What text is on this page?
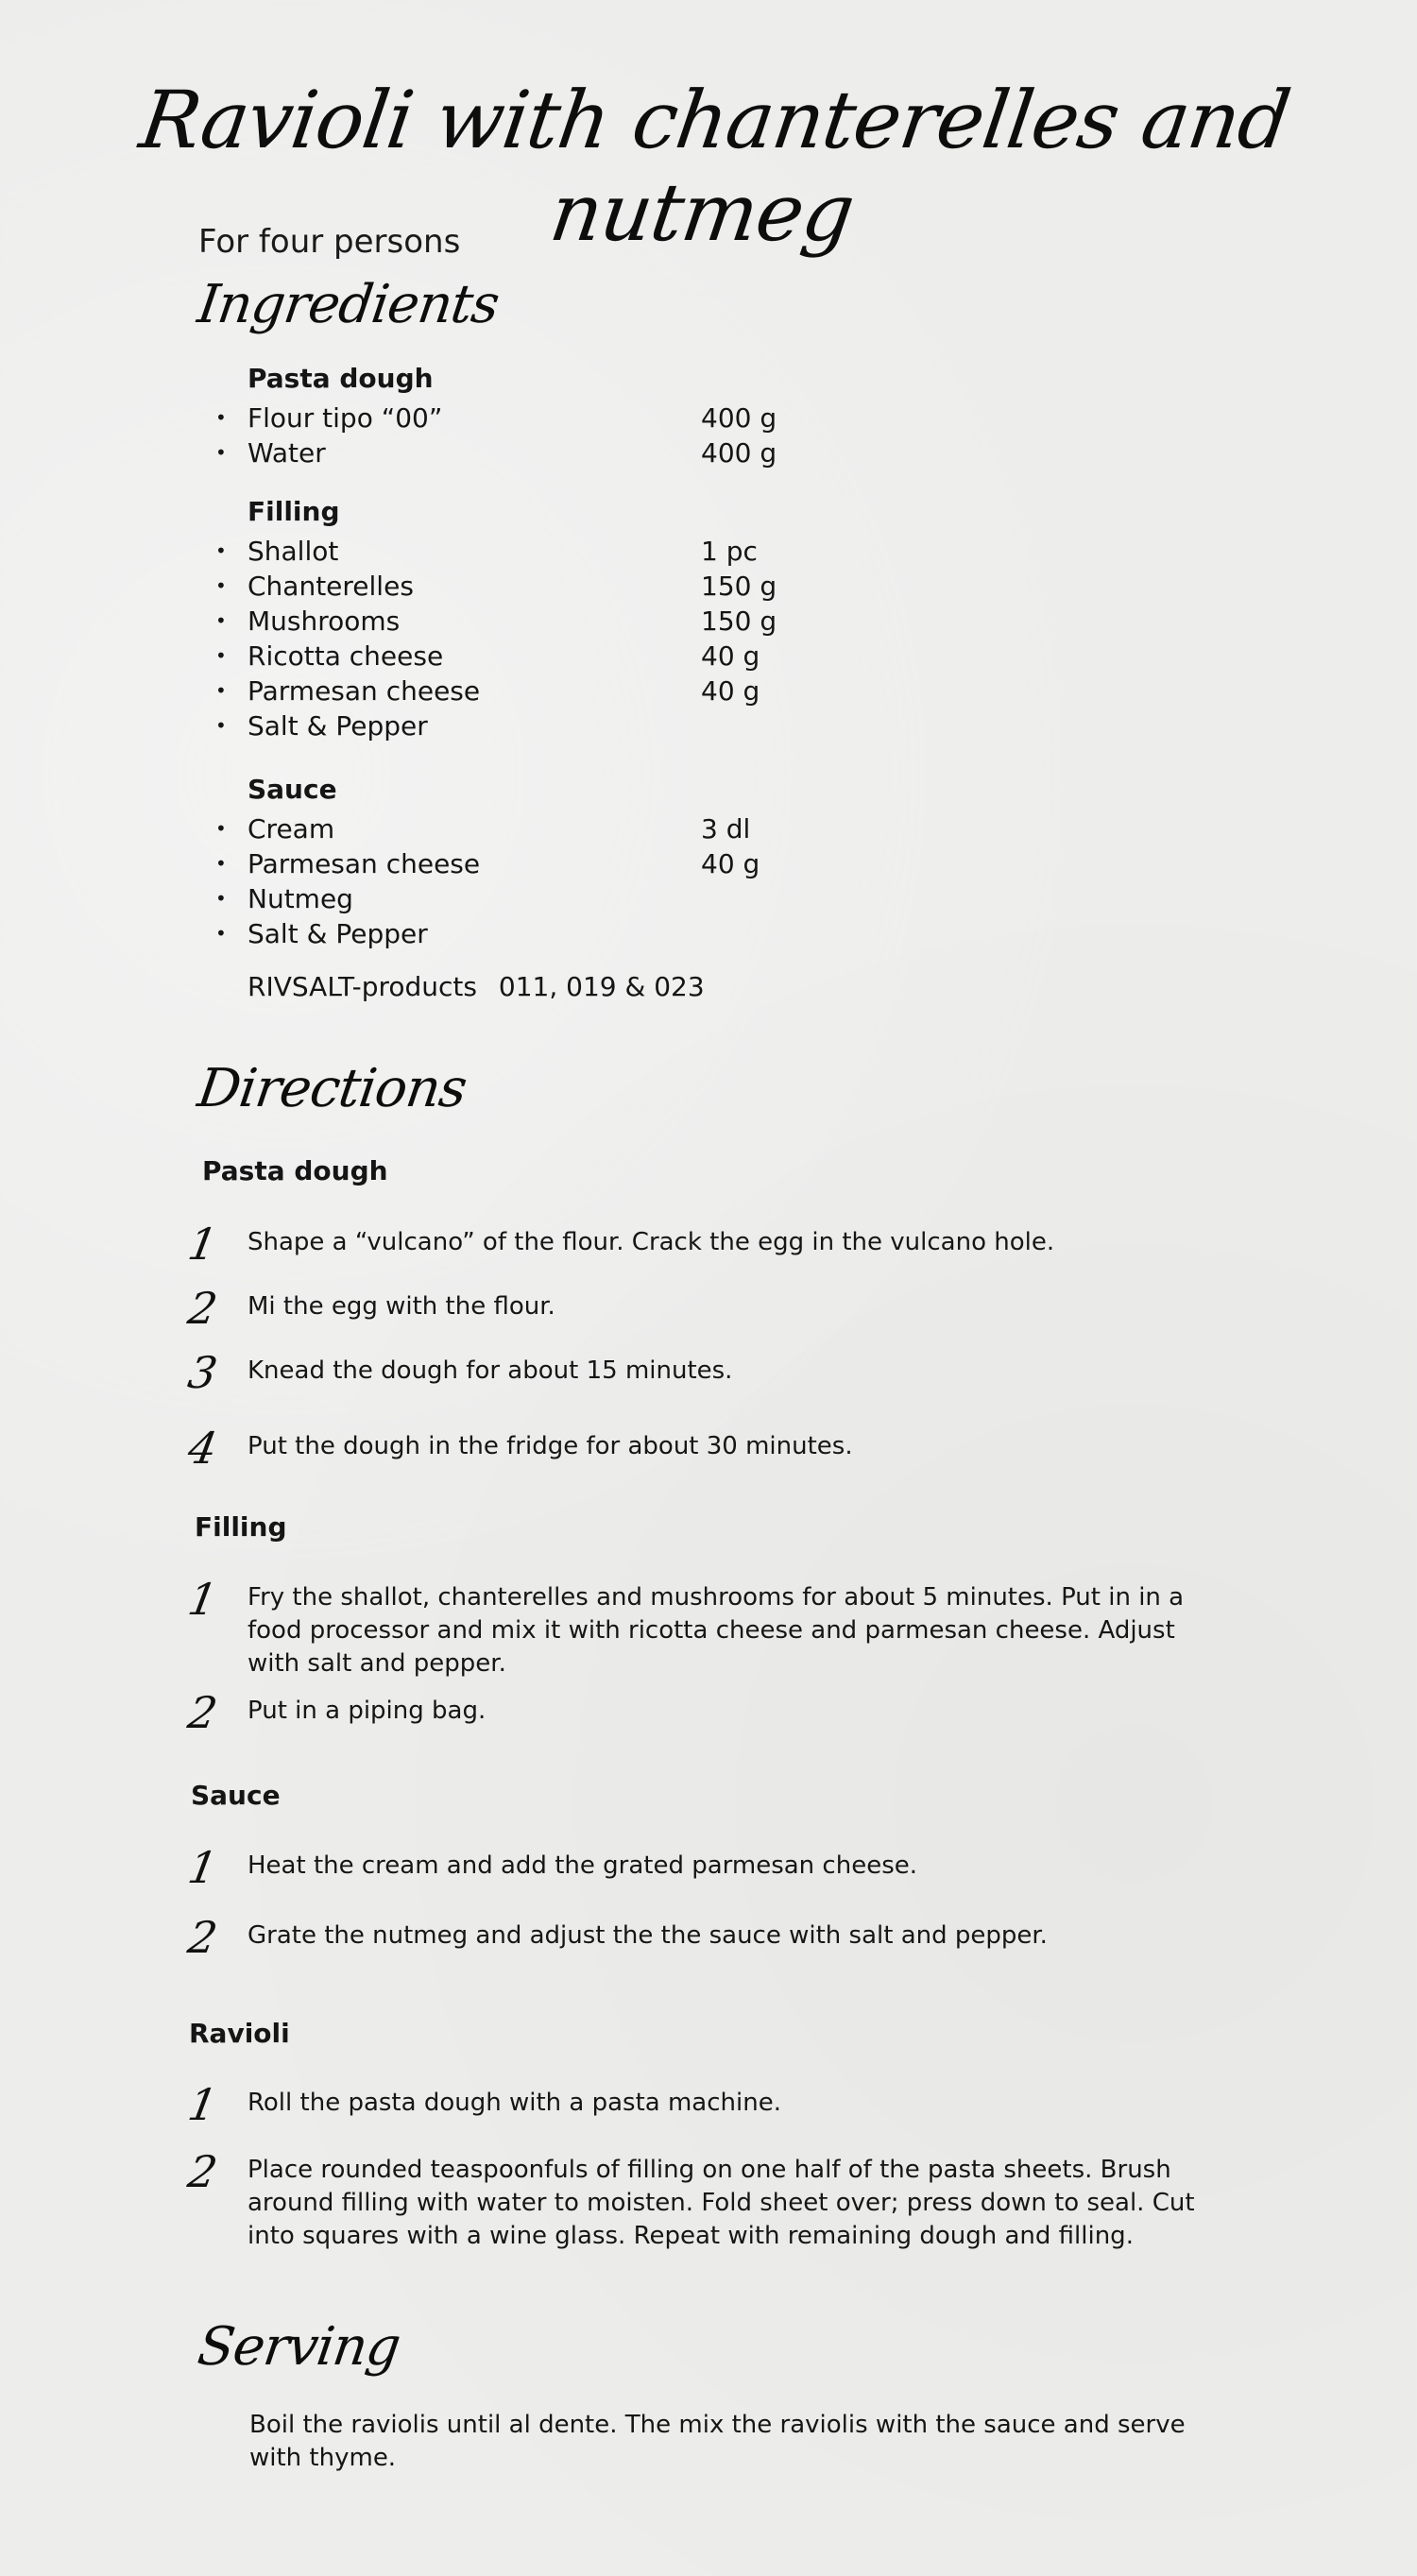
Ravioli with chanterelles and nutmeg
For four persons
Ingredients
Pasta dough
• Flour tipo “00”	400 g
• Water	400 g
Filling
• Shallot	1 pc
• Chanterelles	150 g
• Mushrooms	150 g
• Ricotta cheese	40 g
• Parmesan cheese	40 g
• Salt & Pepper
Sauce
• Cream	3 dl
• Parmesan cheese	40 g
• Nutmeg
• Salt & Pepper
RIVSALT-products 011, 019 & 023
Directions
Pasta dough
1	Shape a “vulcano” of the flour. Crack the egg in the vulcano hole.
2	Mi the egg with the flour.
3	Knead the dough for about 15 minutes.
4	Put the dough in the fridge for about 30 minutes.
Filling
1	Fry the shallot, chanterelles and mushrooms for about 5 minutes. Put in in a food processor and mix it with ricotta cheese and parmesan cheese. Adjust with salt and pepper.
2	Put in a piping bag.
Sauce
1	Heat the cream and add the grated parmesan cheese.
2	Grate the nutmeg and adjust the the sauce with salt and pepper.
Ravioli
1	Roll the pasta dough with a pasta machine.
2	Place rounded teaspoonfuls of filling on one half of the pasta sheets. Brush around filling with water to moisten. Fold sheet over; press down to seal. Cut into squares with a wine glass. Repeat with remaining dough and filling.
Serving
Boil the raviolis until al dente. The mix the raviolis with the sauce and serve with thyme.
